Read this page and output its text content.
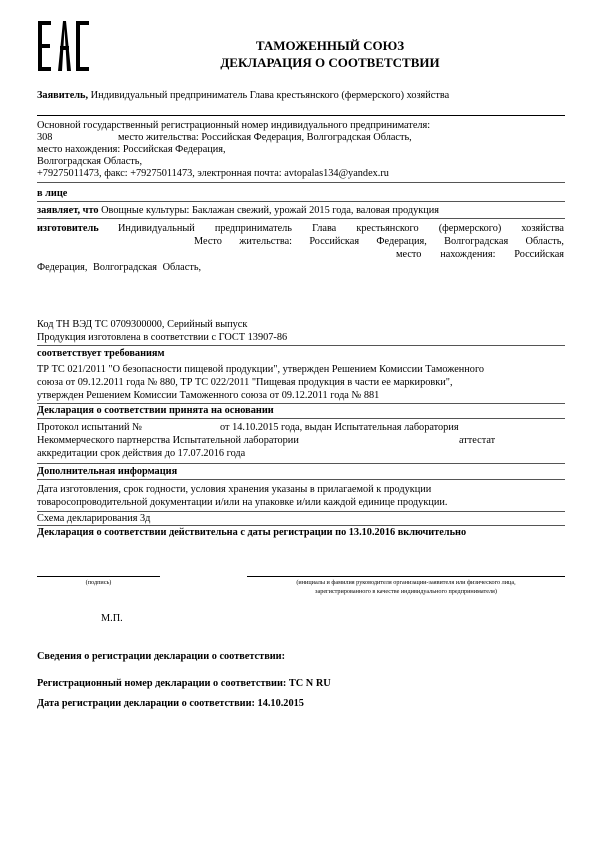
ТАМОЖЕННЫЙ СОЮЗ
ДЕКЛАРАЦИЯ О СООТВЕТСТВИИ
Заявитель, Индивидуальный предприниматель Глава крестьянского (фермерского) хозяйства
Основной государственный регистрационный номер индивидуального предпринимателя:
308	место жительства: Российская Федерация, Волгоградская Область,
место нахождения: Российская Федерация,
Волгоградская Область,
+79275011473, факс: +79275011473, электронная почта: avtopalas134@yandex.ru
в лице
заявляет, что Овощные культуры: Баклажан свежий, урожай 2015 года, валовая продукция
изготовитель Индивидуальный предприниматель Глава крестьянского (фермерского) хозяйства
Место жительства: Российская Федерация, Волгоградская Область,
место нахождения: Российская
Федерация, Волгоградская Область,
Код ТН ВЭД ТС 0709300000, Серийный выпуск
Продукция изготовлена в соответствии с ГОСТ 13907-86
соответствует требованиям
ТР ТС 021/2011 "О безопасности пищевой продукции", утвержден Решением Комиссии Таможенного
союза от 09.12.2011 года № 880, ТР ТС 022/2011 "Пищевая продукция в части ее маркировки",
утвержден Решением Комиссии Таможенного союза от 09.12.2011 года № 881
Декларация о соответствии принята на основании
Протокол испытаний №	от 14.10.2015 года, выдан Испытательная лаборатория
Некоммерческого партнерства Испытательной лаборатории	аттестат
аккредитации срок действия до 17.07.2016 года
Дополнительная информация
Дата изготовления, срок годности, условия хранения указаны в прилагаемой к продукции
товаросопроводительной документации и/или на упаковке и/или каждой единице продукции.
Схема декларирования 3д
Декларация о соответствии действительна с даты регистрации по 13.10.2016 включительно
(подпись)	(инициалы и фамилия руководителя организации-заявителя или физического лица,
зарегистрированного в качестве индивидуального предпринимателя)
М.П.
Сведения о регистрации декларации о соответствии:
Регистрационный номер декларации о соответствии: ТС N RU
Дата регистрации декларации о соответствии: 14.10.2015
